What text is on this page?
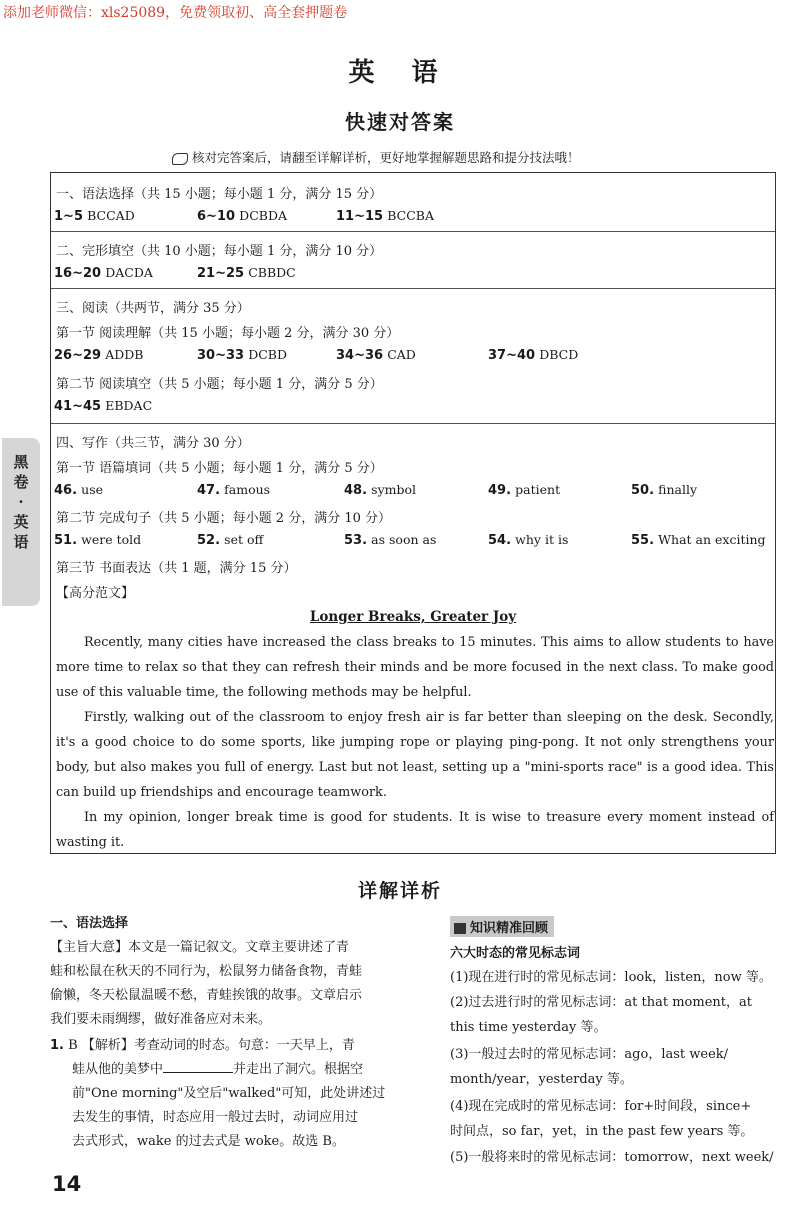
添加老师微信：xls25089，免费领取初、高全套押题卷
英 语
快速对答案
核对完答案后，请翻至详解详析，更好地掌握解题思路和提分技法哦！
黑卷·英语
一、语法选择（共 15 小题；每小题 1 分，满分 15 分）
1~5 BCCAD	6~10 DCBDA	11~15 BCCBA
二、完形填空（共 10 小题；每小题 1 分，满分 10 分）
16~20 DACDA	21~25 CBBDC
三、阅读（共两节，满分 35 分）
第一节 阅读理解（共 15 小题；每小题 2 分，满分 30 分）
26~29 ADDB	30~33 DCBD	34~36 CAD	37~40 DBCD
第二节 阅读填空（共 5 小题；每小题 1 分，满分 5 分）
41~45 EBDAC
四、写作（共三节，满分 30 分）
第一节 语篇填词（共 5 小题；每小题 1 分，满分 5 分）
46. use	47. famous	48. symbol	49. patient	50. finally
第二节 完成句子（共 5 小题；每小题 2 分，满分 10 分）
51. were told	52. set off	53. as soon as	54. why it is	55. What an exciting
第三节 书面表达（共 1 题，满分 15 分）
【高分范文】
Longer Breaks, Greater Joy
Recently, many cities have increased the class breaks to 15 minutes. This aims to allow students to have more time to relax so that they can refresh their minds and be more focused in the next class. To make good use of this valuable time, the following methods may be helpful.
Firstly, walking out of the classroom to enjoy fresh air is far better than sleeping on the desk. Secondly, it's a good choice to do some sports, like jumping rope or playing ping-pong. It not only strengthens your body, but also makes you full of energy. Last but not least, setting up a "mini-sports race" is a good idea. This can build up friendships and encourage teamwork.
In my opinion, longer break time is good for students. It is wise to treasure every moment instead of wasting it.
详解详析
一、语法选择
【主旨大意】本文是一篇记叙文。文章主要讲述了青
蛙和松鼠在秋天的不同行为，松鼠努力储备食物，青蛙
偷懒，冬天松鼠温暖不愁，青蛙挨饿的故事。文章启示
我们要未雨绸缪，做好准备应对未来。
1. B 【解析】考查动词的时态。句意：一天早上，青
蛙从他的美梦中	并走出了洞穴。根据空
前"One morning"及空后"walked"可知，此处讲述过
去发生的事情，时态应用一般过去时，动词应用过
去式形式，wake 的过去式是 woke。故选 B。
知识精准回顾
六大时态的常见标志词
(1)现在进行时的常见标志词：look，listen，now 等。
(2)过去进行时的常见标志词：at that moment，at
this time yesterday 等。
(3)一般过去时的常见标志词：ago，last week/
month/year，yesterday 等。
(4)现在完成时的常见标志词：for+时间段，since+
时间点，so far，yet，in the past few years 等。
(5)一般将来时的常见标志词：tomorrow，next week/
14
